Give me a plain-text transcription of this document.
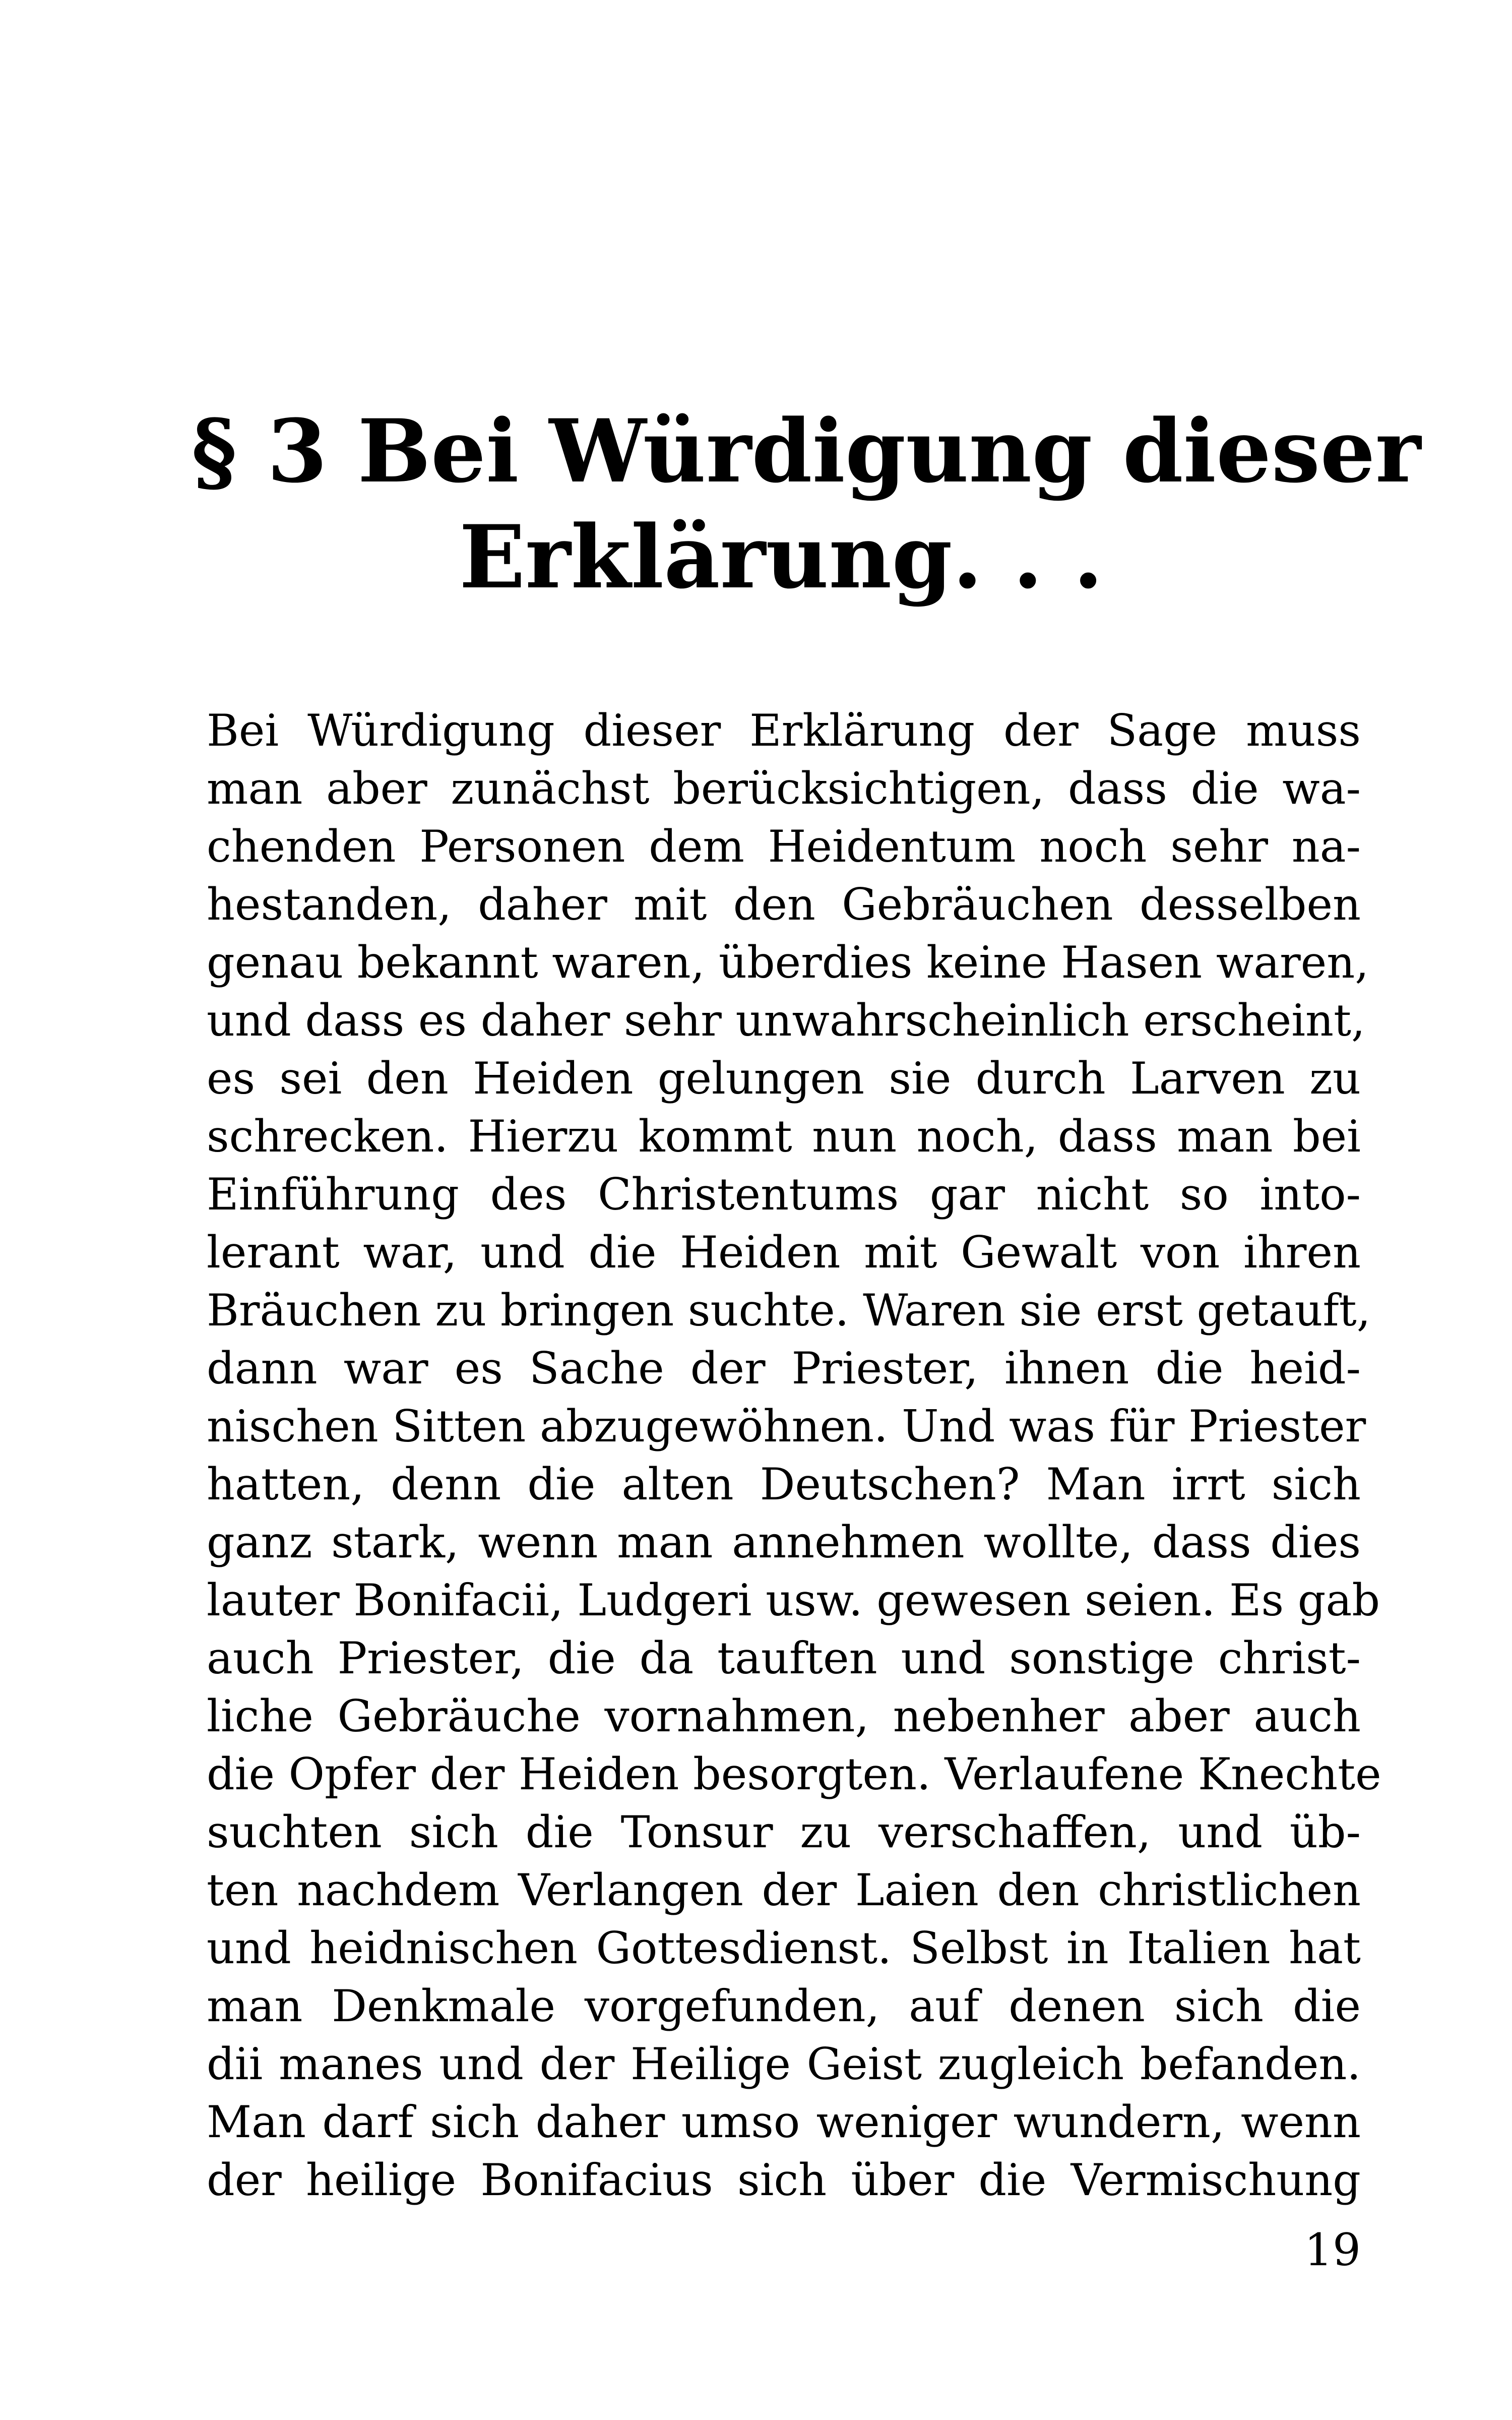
§ 3 Bei Würdigung dieser
Erklärung. . .
Bei Würdigung dieser Erklärung der Sage muss
man aber zunächst berücksichtigen, dass die wa-
chenden Personen dem Heidentum noch sehr na-
hestanden, daher mit den Gebräuchen desselben
genau bekannt waren, überdies keine Hasen waren,
und dass es daher sehr unwahrscheinlich erscheint,
es sei den Heiden gelungen sie durch Larven zu
schrecken. Hierzu kommt nun noch, dass man bei
Einführung des Christentums gar nicht so into-
lerant war, und die Heiden mit Gewalt von ihren
Bräuchen zu bringen suchte. Waren sie erst getauft,
dann war es Sache der Priester, ihnen die heid-
nischen Sitten abzugewöhnen. Und was für Priester
hatten, denn die alten Deutschen? Man irrt sich
ganz stark, wenn man annehmen wollte, dass dies
lauter Bonifacii, Ludgeri usw. gewesen seien. Es gab
auch Priester, die da tauften und sonstige christ-
liche Gebräuche vornahmen, nebenher aber auch
die Opfer der Heiden besorgten. Verlaufene Knechte
suchten sich die Tonsur zu verschaffen, und üb-
ten nachdem Verlangen der Laien den christlichen
und heidnischen Gottesdienst. Selbst in Italien hat
man Denkmale vorgefunden, auf denen sich die
dii manes und der Heilige Geist zugleich befanden.
Man darf sich daher umso weniger wundern, wenn
der heilige Bonifacius sich über die Vermischung
19
